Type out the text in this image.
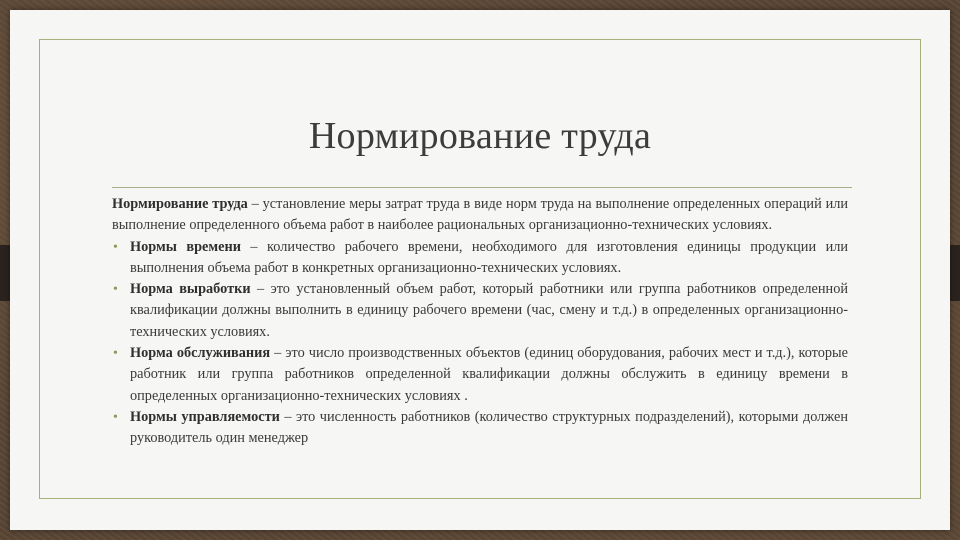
Нормирование труда

Нормирование труда – установление меры затрат труда в виде норм труда на выполнение определенных операций или выполнение определенного объема работ в наиболее рациональных организационно-технических условиях.

• Нормы времени – количество рабочего времени, необходимого для изготовления единицы продукции или выполнения объема работ в конкретных организационно-технических условиях.

• Норма выработки – это установленный объем работ, который работники или группа работников определенной квалификации должны выполнить в единицу рабочего времени (час, смену и т.д.) в определенных организационно-технических условиях.

• Норма обслуживания – это число производственных объектов (единиц оборудования, рабочих мест и т.д.), которые работник или группа работников определенной квалификации должны обслужить в единицу времени в определенных организационно-технических условиях .

• Нормы управляемости – это численность работников (количество структурных подразделений), которыми должен руководитель один менеджер
